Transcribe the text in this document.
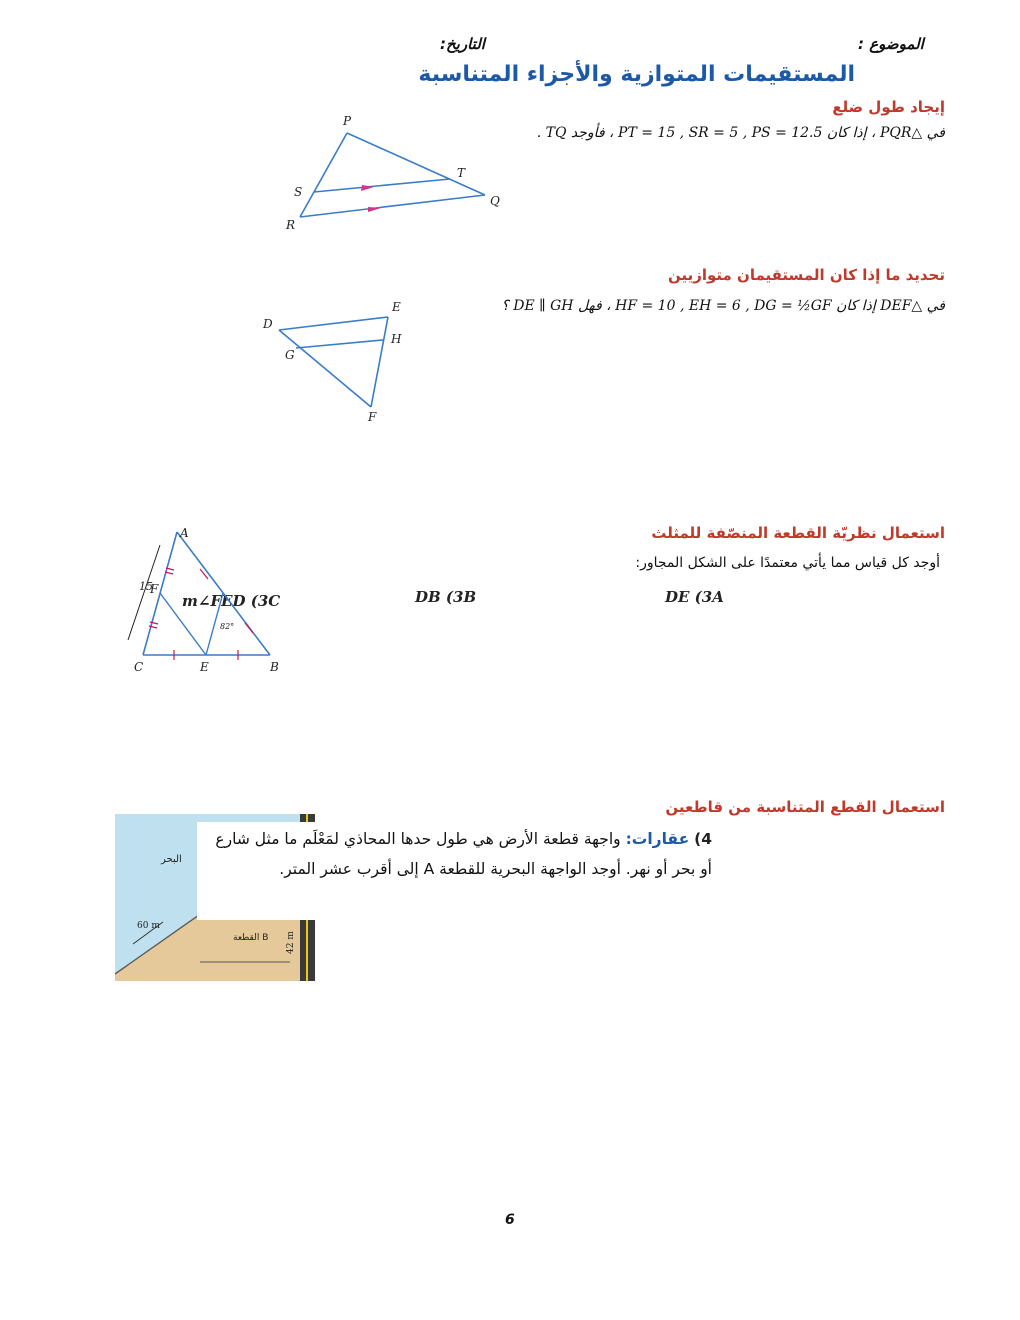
الموضوع :
التاريخ:
المستقيمات المتوازية والأجزاء المتناسبة
إيجاد طول ضلع
في △PQR ، إذا كان PT = 15 , SR = 5 , PS = 12.5 ، فأوجد TQ .
P
T
S
Q
R
تحديد ما إذا كان المستقيمان متوازيين
في △DEF إذا كان HF = 10 , EH = 6 , DG = ½GF ، فهل DE ∥ GH ؟
D
E
G
H
F
استعمال نظريّة القطعة المنصّفة للمثلث
أوجد كل قياس مما يأتي معتمدًا على الشكل المجاور:
DE (3A
DB (3B
m∠FED (3C
A
F
C	E	B
15
82°
استعمال القطع المتناسبة من قاطعين
البحر
60 m
القطعة B 42 m
4) عقارات: واجهة قطعة الأرض هي طول حدها المحاذي لمَعْلَم ما مثل شارع أو بحر أو نهر. أوجد الواجهة البحرية للقطعة A إلى أقرب عشر المتر.
6
